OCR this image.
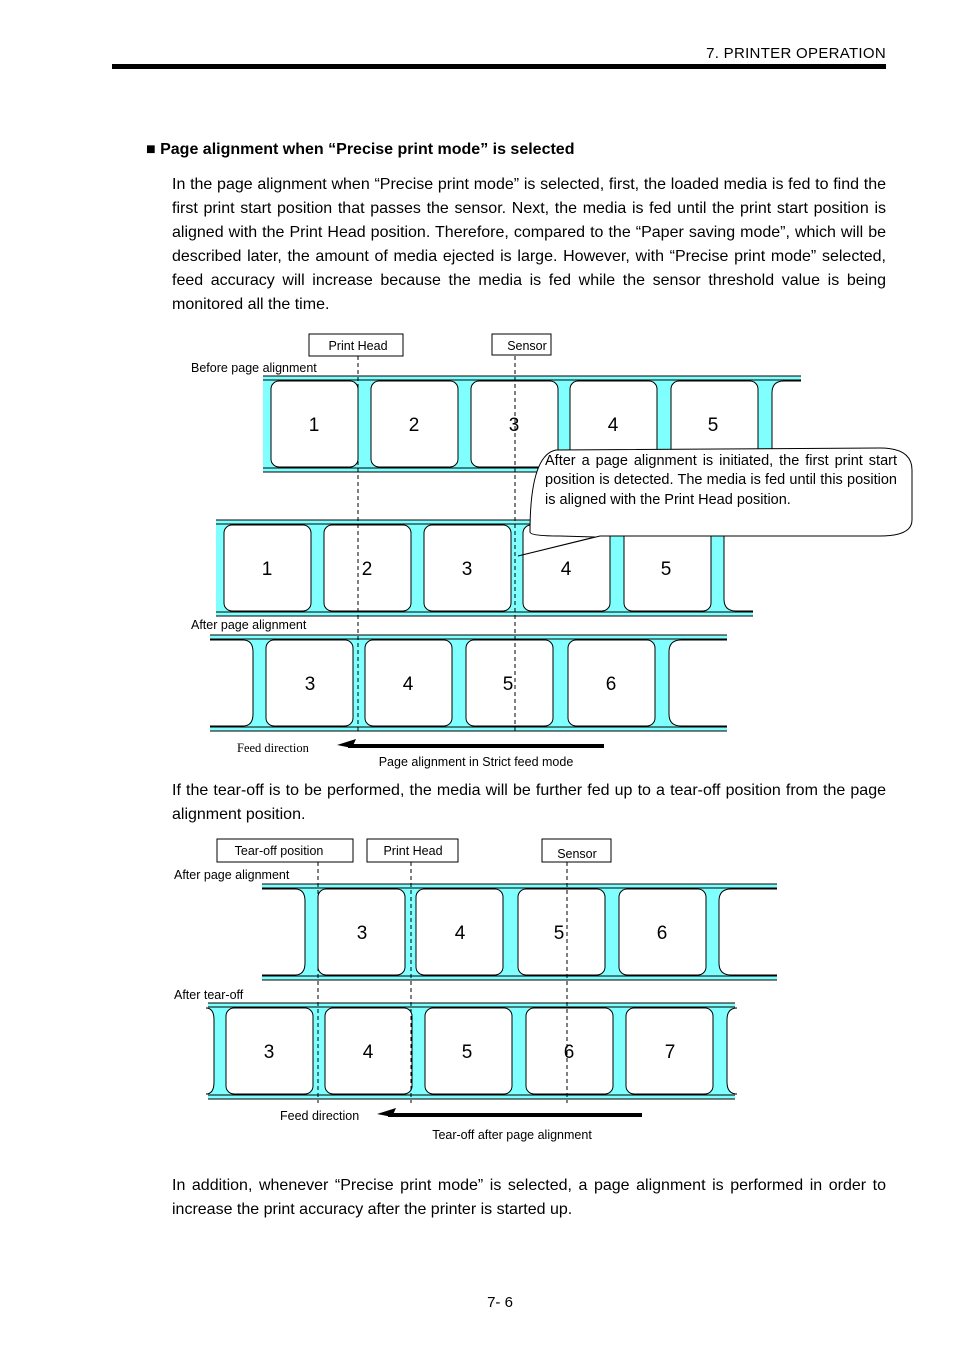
7. PRINTER OPERATION
■ Page alignment when “Precise print mode” is selected

In the page alignment when “Precise print mode” is selected, first, the loaded media is fed to find the first print start position that passes the sensor. Next, the media is fed until the print start position is aligned with the Print Head position. Therefore, compared to the “Paper saving mode”, which will be described later, the amount of media ejected is large. However, with “Precise print mode” selected, feed accuracy will increase because the media is fed while the sensor threshold value is being monitored all the time.

1	2	3	4	5
1	2	3	4	5
3	4	5	6
After a page alignment is initiated, the first print start position is detected. The media is fed until this position is aligned with the Print Head position.
Print Head	Sensor
Before page alignment
After page alignment
Feed direction
Page alignment in Strict feed mode

If the tear-off is to be performed, the media will be further fed up to a tear-off position from the page alignment position.

3	4	5	6
3	4	5	6	7
Tear-off position	Print Head	Sensor
After page alignment
After tear-off
Feed direction
Tear-off after page alignment

In addition, whenever “Precise print mode” is selected, a page alignment is performed in order to increase the print accuracy after the printer is started up.

7- 6
